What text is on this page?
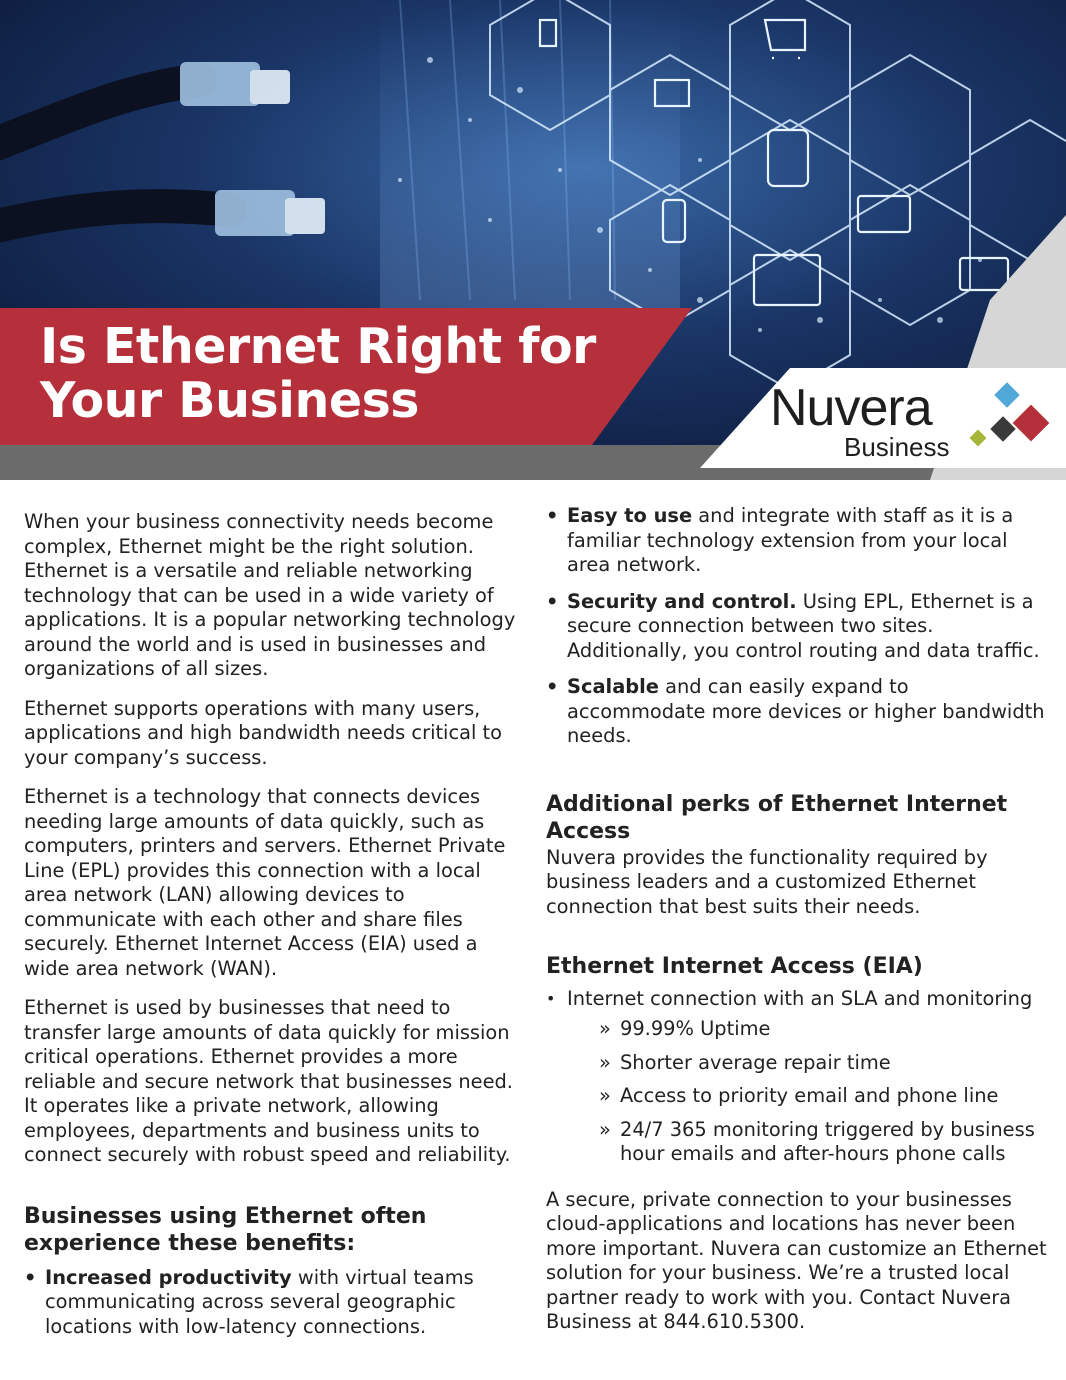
Is Ethernet Right for
Your Business	Nuvera
Business

When your business connectivity needs become complex, Ethernet might be the right solution. Ethernet is a versatile and reliable networking technology that can be used in a wide variety of applications. It is a popular networking technology around the world and is used in businesses and organizations of all sizes.

Ethernet supports operations with many users, applications and high bandwidth needs critical to your company’s success.

Ethernet is a technology that connects devices needing large amounts of data quickly, such as computers, printers and servers. Ethernet Private Line (EPL) provides this connection with a local area network (LAN) allowing devices to communicate with each other and share files securely. Ethernet Internet Access (EIA) used a wide area network (WAN).

Ethernet is used by businesses that need to transfer large amounts of data quickly for mission critical operations. Ethernet provides a more reliable and secure network that businesses need. It operates like a private network, allowing employees, departments and business units to connect securely with robust speed and reliability.

Businesses using Ethernet often experience these benefits:
• Increased productivity with virtual teams communicating across several geographic locations with low-latency connections.
• Easy to use and integrate with staff as it is a familiar technology extension from your local area network.
• Security and control. Using EPL, Ethernet is a secure connection between two sites. Additionally, you control routing and data traffic.
• Scalable and can easily expand to accommodate more devices or higher bandwidth needs.
Additional perks of Ethernet Internet Access

Nuvera provides the functionality required by business leaders and a customized Ethernet connection that best suits their needs.

Ethernet Internet Access (EIA)
• Internet connection with an SLA and monitoring
» 99.99% Uptime
» Shorter average repair time
» Access to priority email and phone line
» 24/7 365 monitoring triggered by business hour emails and after-hours phone calls

A secure, private connection to your businesses cloud-applications and locations has never been more important. Nuvera can customize an Ethernet solution for your business. We’re a trusted local partner ready to work with you. Contact Nuvera Business at 844.610.5300.
